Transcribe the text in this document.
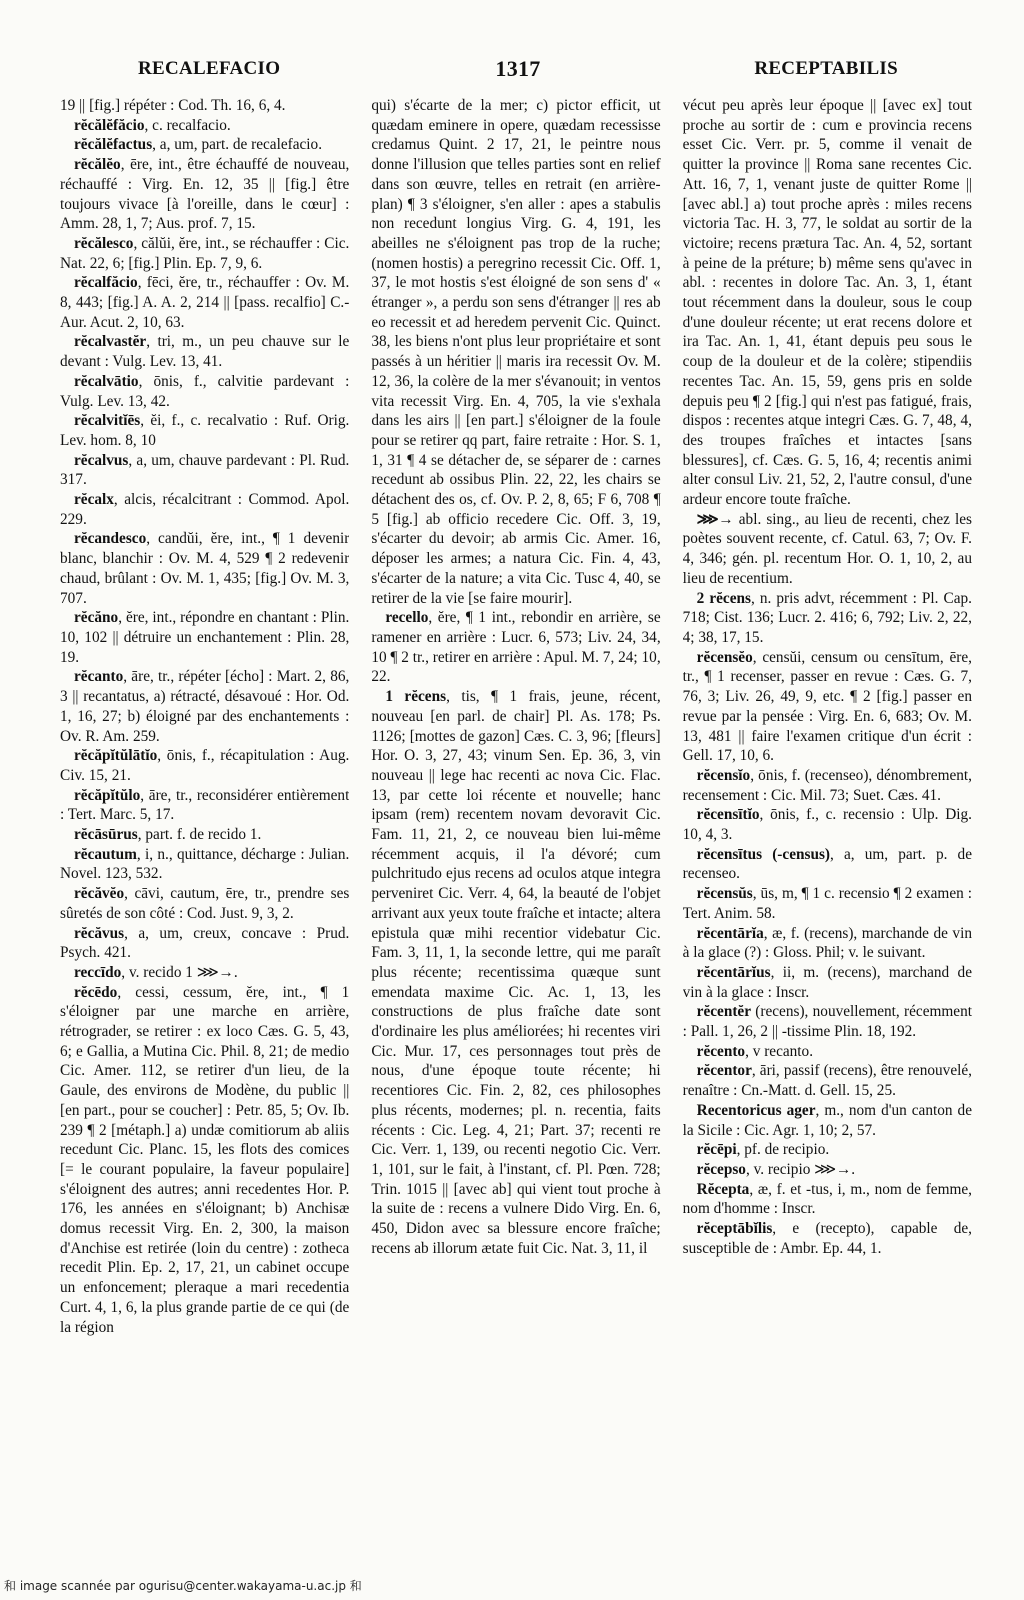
RECALEFACIO	1317	RECEPTABILIS

19 || [fig.] répéter : Cod. Th. 16, 6, 4.

rĕcălĕfăcio, c. recalfacio.

rĕcălĕfactus, a, um, part. de recalefacio.

rĕcălĕo, ēre, int., être échauffé de nouveau, réchauffé : Virg. En. 12, 35 || [fig.] être toujours vivace [à l'oreille, dans le cœur] : Amm. 28, 1, 7; Aus. prof. 7, 15.

rĕcălesco, călŭi, ĕre, int., se réchauffer : Cic. Nat. 22, 6; [fig.] Plin. Ep. 7, 9, 6.

rĕcalfăcio, fēci, ĕre, tr., réchauffer : Ov. M. 8, 443; [fig.] A. A. 2, 214 || [pass. recalfio] C.-Aur. Acut. 2, 10, 63.

rĕcalvastĕr, tri, m., un peu chauve sur le devant : Vulg. Lev. 13, 41.

rĕcalvātio, ōnis, f., calvitie pardevant : Vulg. Lev. 13, 42.

rĕcalvitĭēs, ĕi, f., c. recalvatio : Ruf. Orig. Lev. hom. 8, 10

rĕcalvus, a, um, chauve pardevant : Pl. Rud. 317.

rĕcalx, alcis, récalcitrant : Commod. Apol. 229.

rĕcandesco, candŭi, ĕre, int., ¶ 1 devenir blanc, blanchir : Ov. M. 4, 529 ¶ 2 redevenir chaud, brûlant : Ov. M. 1, 435; [fig.] Ov. M. 3, 707.

rĕcăno, ĕre, int., répondre en chantant : Plin. 10, 102 || détruire un enchantement : Plin. 28, 19.

rĕcanto, āre, tr., répéter [écho] : Mart. 2, 86, 3 || recantatus, a) rétracté, désavoué : Hor. Od. 1, 16, 27; b) éloigné par des enchantements : Ov. R. Am. 259.

rĕcăpĭtŭlātĭo, ōnis, f., récapitulation : Aug. Civ. 15, 21.

rĕcăpĭtŭlo, āre, tr., reconsidérer entièrement : Tert. Marc. 5, 17.

rĕcāsūrus, part. f. de recido 1.

rĕcautum, i, n., quittance, décharge : Julian. Novel. 123, 532.

rĕcăvĕo, cāvi, cautum, ēre, tr., prendre ses sûretés de son côté : Cod. Just. 9, 3, 2.

rĕcăvus, a, um, creux, concave : Prud. Psych. 421.

reccīdo, v. recido 1 ⋙→.

rĕcēdo, cessi, cessum, ĕre, int., ¶ 1 s'éloigner par une marche en arrière, rétrograder, se retirer : ex loco Cæs. G. 5, 43, 6; e Gallia, a Mutina Cic. Phil. 8, 21; de medio Cic. Amer. 112, se retirer d'un lieu, de la Gaule, des environs de Modène, du public || [en part., pour se coucher] : Petr. 85, 5; Ov. Ib. 239 ¶ 2 [métaph.] a) undæ comitiorum ab aliis recedunt Cic. Planc. 15, les flots des comices [= le courant populaire, la faveur populaire] s'éloignent des autres; anni recedentes Hor. P. 176, les années en s'éloignant; b) Anchisæ domus recessit Virg. En. 2, 300, la maison d'Anchise est retirée (loin du centre) : zotheca recedit Plin. Ep. 2, 17, 21, un cabinet occupe un enfoncement; pleraque a mari recedentia Curt. 4, 1, 6, la plus grande partie de ce qui (de la région

qui) s'écarte de la mer; c) pictor efficit, ut quædam eminere in opere, quædam recessisse credamus Quint. 2 17, 21, le peintre nous donne l'illusion que telles parties sont en relief dans son œuvre, telles en retrait (en arrière-plan) ¶ 3 s'éloigner, s'en aller : apes a stabulis non recedunt longius Virg. G. 4, 191, les abeilles ne s'éloignent pas trop de la ruche; (nomen hostis) a peregrino recessit Cic. Off. 1, 37, le mot hostis s'est éloigné de son sens d' « étranger », a perdu son sens d'étranger || res ab eo recessit et ad heredem pervenit Cic. Quinct. 38, les biens n'ont plus leur propriétaire et sont passés à un héritier || maris ira recessit Ov. M. 12, 36, la colère de la mer s'évanouit; in ventos vita recessit Virg. En. 4, 705, la vie s'exhala dans les airs || [en part.] s'éloigner de la foule pour se retirer qq part, faire retraite : Hor. S. 1, 1, 31 ¶ 4 se détacher de, se séparer de : carnes recedunt ab ossibus Plin. 22, 22, les chairs se détachent des os, cf. Ov. P. 2, 8, 65; F 6, 708 ¶ 5 [fig.] ab officio recedere Cic. Off. 3, 19, s'écarter du devoir; ab armis Cic. Amer. 16, déposer les armes; a natura Cic. Fin. 4, 43, s'écarter de la nature; a vita Cic. Tusc 4, 40, se retirer de la vie [se faire mourir].

recello, ĕre, ¶ 1 int., rebondir en arrière, se ramener en arrière : Lucr. 6, 573; Liv. 24, 34, 10 ¶ 2 tr., retirer en arrière : Apul. M. 7, 24; 10, 22.

1 rĕcens, tis, ¶ 1 frais, jeune, récent, nouveau [en parl. de chair] Pl. As. 178; Ps. 1126; [mottes de gazon] Cæs. C. 3, 96; [fleurs] Hor. O. 3, 27, 43; vinum Sen. Ep. 36, 3, vin nouveau || lege hac recenti ac nova Cic. Flac. 13, par cette loi récente et nouvelle; hanc ipsam (rem) recentem novam devoravit Cic. Fam. 11, 21, 2, ce nouveau bien lui-même récemment acquis, il l'a dévoré; cum pulchritudo ejus recens ad oculos atque integra perveniret Cic. Verr. 4, 64, la beauté de l'objet arrivant aux yeux toute fraîche et intacte; altera epistula quæ mihi recentior videbatur Cic. Fam. 3, 11, 1, la seconde lettre, qui me paraît plus récente; recentissima quæque sunt emendata maxime Cic. Ac. 1, 13, les constructions de plus fraîche date sont d'ordinaire les plus améliorées; hi recentes viri Cic. Mur. 17, ces personnages tout près de nous, d'une époque toute récente; hi recentiores Cic. Fin. 2, 82, ces philosophes plus récents, modernes; pl. n. recentia, faits récents : Cic. Leg. 4, 21; Part. 37; recenti re Cic. Verr. 1, 139, ou recenti negotio Cic. Verr. 1, 101, sur le fait, à l'instant, cf. Pl. Pœn. 728; Trin. 1015 || [avec ab] qui vient tout proche à la suite de : recens a vulnere Dido Virg. En. 6, 450, Didon avec sa blessure encore fraîche; recens ab illorum ætate fuit Cic. Nat. 3, 11, il

vécut peu après leur époque || [avec ex] tout proche au sortir de : cum e provincia recens esset Cic. Verr. pr. 5, comme il venait de quitter la province || Roma sane recentes Cic. Att. 16, 7, 1, venant juste de quitter Rome || [avec abl.] a) tout proche après : miles recens victoria Tac. H. 3, 77, le soldat au sortir de la victoire; recens prætura Tac. An. 4, 52, sortant à peine de la préture; b) même sens qu'avec in abl. : recentes in dolore Tac. An. 3, 1, étant tout récemment dans la douleur, sous le coup d'une douleur récente; ut erat recens dolore et ira Tac. An. 1, 41, étant depuis peu sous le coup de la douleur et de la colère; stipendiis recentes Tac. An. 15, 59, gens pris en solde depuis peu ¶ 2 [fig.] qui n'est pas fatigué, frais, dispos : recentes atque integri Cæs. G. 7, 48, 4, des troupes fraîches et intactes [sans blessures], cf. Cæs. G. 5, 16, 4; recentis animi alter consul Liv. 21, 52, 2, l'autre consul, d'une ardeur encore toute fraîche.

⋙→ abl. sing., au lieu de recenti, chez les poètes souvent recente, cf. Catul. 63, 7; Ov. F. 4, 346; gén. pl. recentum Hor. O. 1, 10, 2, au lieu de recentium.

2 rĕcens, n. pris advt, récemment : Pl. Cap. 718; Cist. 136; Lucr. 2. 416; 6, 792; Liv. 2, 22, 4; 38, 17, 15.

rĕcensĕo, censŭi, censum ou censītum, ēre, tr., ¶ 1 recenser, passer en revue : Cæs. G. 7, 76, 3; Liv. 26, 49, 9, etc. ¶ 2 [fig.] passer en revue par la pensée : Virg. En. 6, 683; Ov. M. 13, 481 || faire l'examen critique d'un écrit : Gell. 17, 10, 6.

rĕcensĭo, ōnis, f. (recenseo), dénombrement, recensement : Cic. Mil. 73; Suet. Cæs. 41.

rĕcensītĭo, ōnis, f., c. recensio : Ulp. Dig. 10, 4, 3.

rĕcensītus (-census), a, um, part. p. de recenseo.

rĕcensŭs, ūs, m, ¶ 1 c. recensio ¶ 2 examen : Tert. Anim. 58.

rĕcentārĭa, æ, f. (recens), marchande de vin à la glace (?) : Gloss. Phil; v. le suivant.

rĕcentārĭus, ii, m. (recens), marchand de vin à la glace : Inscr.

rĕcentĕr (recens), nouvellement, récemment : Pall. 1, 26, 2 || -tissime Plin. 18, 192.

rĕcento, v recanto.

rĕcentor, āri, passif (recens), être renouvelé, renaître : Cn.-Matt. d. Gell. 15, 25.

Recentoricus ager, m., nom d'un canton de la Sicile : Cic. Agr. 1, 10; 2, 57.

rĕcēpi, pf. de recipio.

rĕcepso, v. recipio ⋙→.

Rĕcepta, æ, f. et -tus, i, m., nom de femme, nom d'homme : Inscr.

rĕceptābĭlis, e (recepto), capable de, susceptible de : Ambr. Ep. 44, 1.

和 image scannée par ogurisu@center.wakayama-u.ac.jp 和
